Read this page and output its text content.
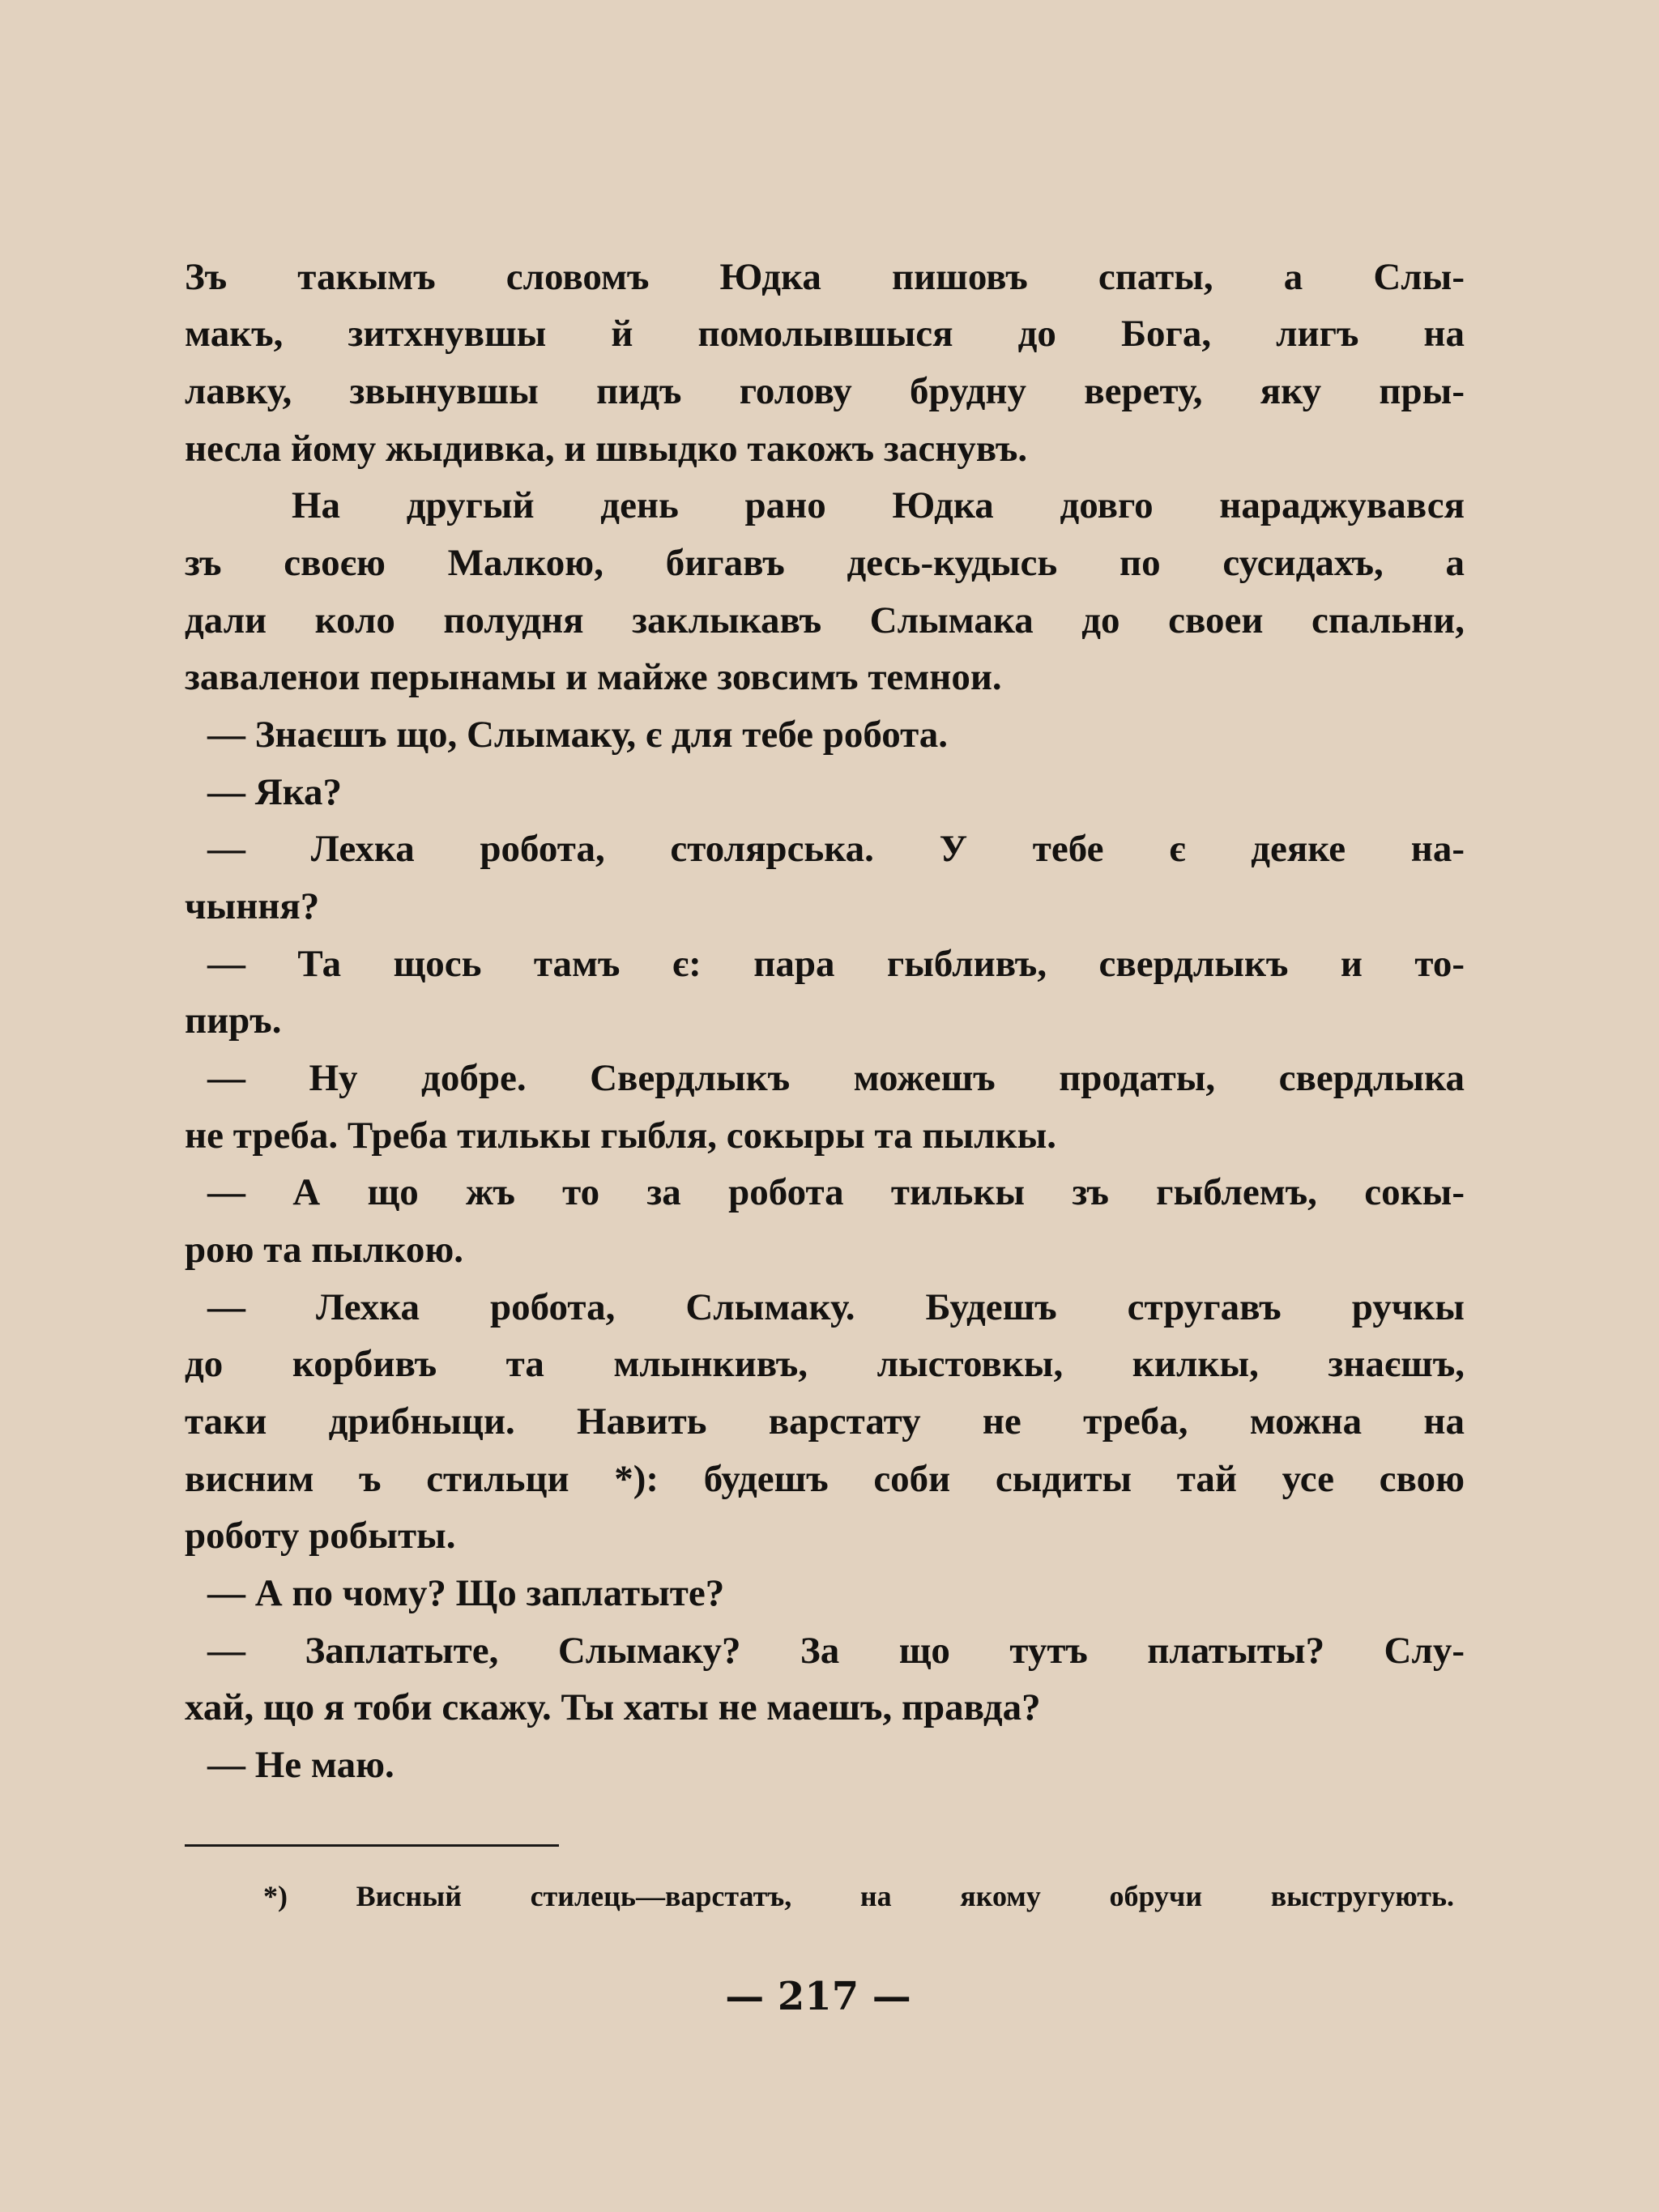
Зъ такымъ словомъ Юдка пишовъ спаты, а Слы-
макъ, зитхнувшы й помолывшыся до Бога, лигъ на
лавку, звынувшы пидъ голову брудну верету, яку пры-
несла йому жыдивка, и швыдко такожъ заснувъ.
На другый день рано Юдка довго нараджувався
зъ своєю Малкою, бигавъ десь-кудысь по сусидахъ, а
дали коло полудня заклыкавъ Слымака до своеи спальни,
заваленои перынамы и майже зовсимъ темнои.
— Знаєшъ що, Слымаку, є для тебе робота.
— Яка?
— Лехка робота, столярська. У тебе є деяке на-
чыння?
— Та щось тамъ є: пара гыбливъ, свердлыкъ и то-
пиръ.
— Ну добре. Свердлыкъ можешъ продаты, свердлыка
не треба. Треба тилькы гыбля, сокыры та пылкы.
— А що жъ то за робота тилькы зъ гыблемъ, сокы-
рою та пылкою.
— Лехка робота, Слымаку. Будешъ стругавъ ручкы
до корбивъ та млынкивъ, лыстовкы, килкы, знаєшъ,
таки дрибныци. Навить варстату не треба, можна на
висним ъ стильци *): будешъ соби сыдиты тай усе свою
роботу робыты.
— А по чому? Що заплатыте?
— Заплатыте, Слымаку? За що тутъ платыты? Слу-
хай, що я тоби скажу. Ты хаты не маешъ, правда?
— Не маю.
*) Висный стилець—варстатъ, на якому обручи выстругують.
— 217 —
